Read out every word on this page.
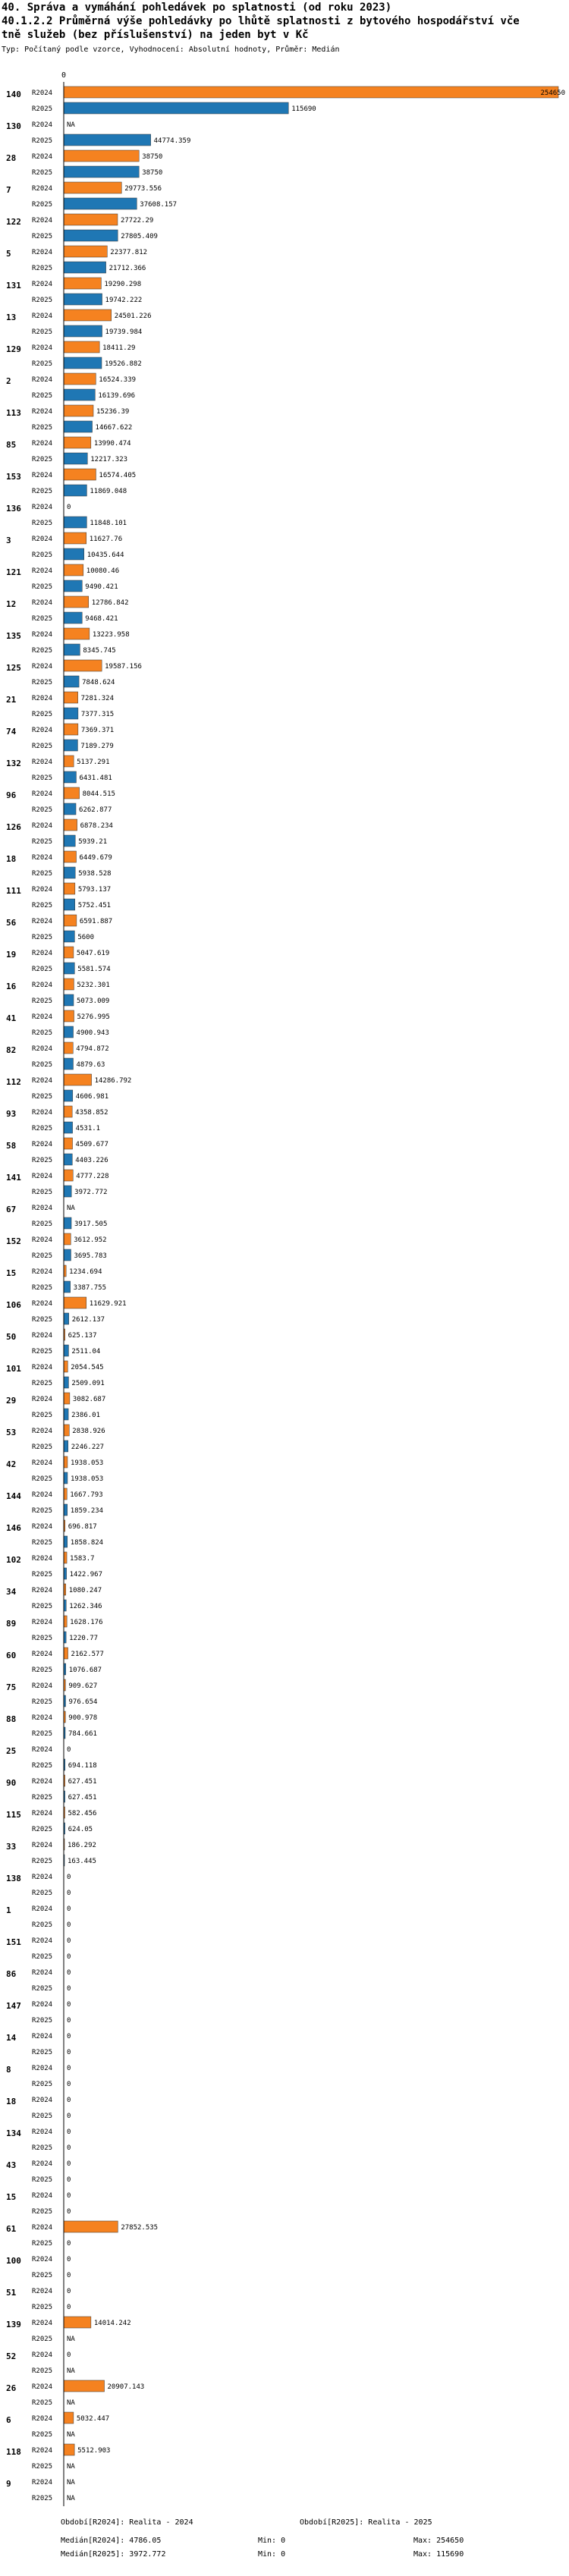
40. Správa a vymáhání pohledávek po splatnosti (od roku 2023)
40.1.2.2 Průměrná výše pohledávky po lhůtě splatnosti z bytového hospodářství vče
tně služeb (bez příslušenství) na jeden byt v Kč
Typ: Počítaný podle vzorce, Vyhodnocení: Absolutní hodnoty, Průměr: Medián
0
140 R2024	254650
R2025	115690
130 R2024 NA
R2025	44774.359
28 R2024	38750
R2025	38750
7	R2024	29773.556
R2025	37608.157
122 R2024	27722.29
R2025	27805.409
5	R2024	22377.812
R2025	21712.366
131 R2024	19290.298
R2025	19742.222
13 R2024	24501.226
R2025	19739.984
129 R2024	18411.29
R2025	19526.882
2	R2024	16524.339
R2025	16139.696
113 R2024	15236.39
R2025	14667.622
85 R2024	13990.474
R2025	12217.323
153 R2024	16574.405
R2025	11869.048
136 R2024 0
R2025	11848.101
3	R2024	11627.76
R2025	10435.644
121 R2024	10080.46
R2025	9490.421
12 R2024	12786.842
R2025	9468.421
135 R2024	13223.958
R2025	8345.745
125 R2024	19587.156
R2025	7848.624
21 R2024	7281.324
R2025	7377.315
74 R2024	7369.371
R2025	7189.279
132 R2024	5137.291
R2025	6431.481
96 R2024	8044.515
R2025	6262.877
126 R2024	6878.234
R2025	5939.21
18 R2024	6449.679
R2025	5938.528
111 R2024	5793.137
R2025	5752.451
56 R2024	6591.887
R2025	5600
19 R2024	5047.619
R2025	5581.574
16 R2024	5232.301
R2025	5073.009
41 R2024	5276.995
R2025	4900.943
82 R2024	4794.872
R2025	4879.63
112 R2024	14286.792
R2025	4606.981
93 R2024	4358.852
R2025	4531.1
58 R2024	4509.677
R2025	4403.226
141 R2024	4777.228
R2025	3972.772
67 R2024 NA
R2025	3917.505
152 R2024	3612.952
R2025	3695.783
15 R2024 1234.694
R2025	3387.755
106 R2024	11629.921
R2025	2612.137
50 R2024 625.137
R2025	2511.04
101 R2024	2054.545
R2025	2509.091
29 R2024	3082.687
R2025	2386.01
53 R2024	2838.926
R2025	2246.227
42 R2024	1938.053
R2025	1938.053
144 R2024	1667.793
R2025	1859.234
146 R2024 696.817
R2025	1858.824
102 R2024	1583.7
R2025	1422.967
34 R2024 1080.247
R2025 1262.346
89 R2024	1628.176
R2025 1220.77
60 R2024	2162.577
R2025 1076.687
75 R2024 909.627
R2025 976.654
88 R2024 900.978
R2025 784.661
25 R2024 0
R2025 694.118
90 R2024 627.451
R2025 627.451
115 R2024 582.456
R2025 624.05
33 R2024 186.292
R2025 163.445
138 R2024 0
R2025 0
1	R2024 0
R2025 0
151 R2024 0
R2025 0
86 R2024 0
R2025 0
147 R2024 0
R2025 0
14 R2024 0
R2025 0
8	R2024 0
R2025 0
18 R2024 0
R2025 0
134 R2024 0
R2025 0
43 R2024 0
R2025 0
15 R2024 0
R2025 0
61 R2024	27852.535
R2025 0
100 R2024 0
R2025 0
51 R2024 0
R2025 0
139 R2024	14014.242
R2025 NA
52 R2024 0
R2025 NA
26 R2024	20907.143
R2025 NA
6	R2024	5032.447
R2025 NA
118 R2024	5512.903
R2025 NA
9	R2024 NA
R2025 NA
Období[R2024]: Realita - 2024	Období[R2025]: Realita - 2025
Medián[R2024]: 4786.05	Min: 0	Max: 254650
Medián[R2025]: 3972.772	Min: 0	Max: 115690
